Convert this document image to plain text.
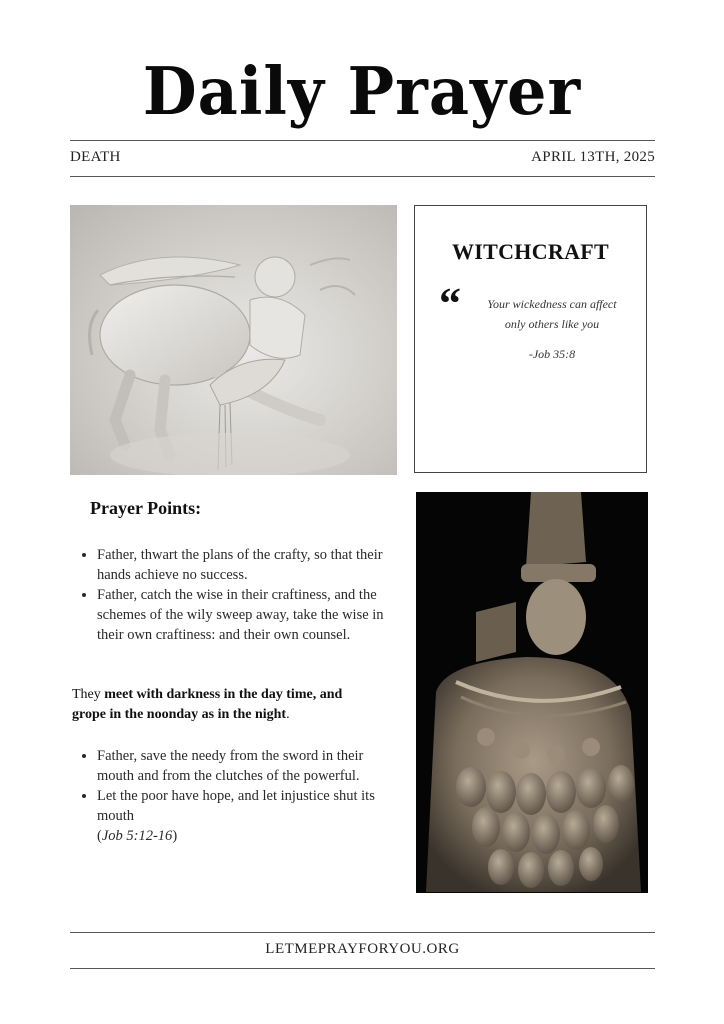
Daily Prayer
DEATH	APRIL 13TH, 2025
WITCHCRAFT
“	Your wickedness can affect only others like you
-Job 35:8
Prayer Points:
• Father, thwart the plans of the crafty, so that their hands achieve no success.
• Father, catch the wise in their craftiness, and the schemes of the wily sweep away, take the wise in their own craftiness: and their own counsel.
They meet with darkness in the day time, and grope in the noonday as in the night.
• Father, save the needy from the sword in their mouth and from the clutches of the powerful.
• Let the poor have hope, and let injustice shut its mouth
(Job 5:12-16)
LETMEPRAYFORYOU.ORG
